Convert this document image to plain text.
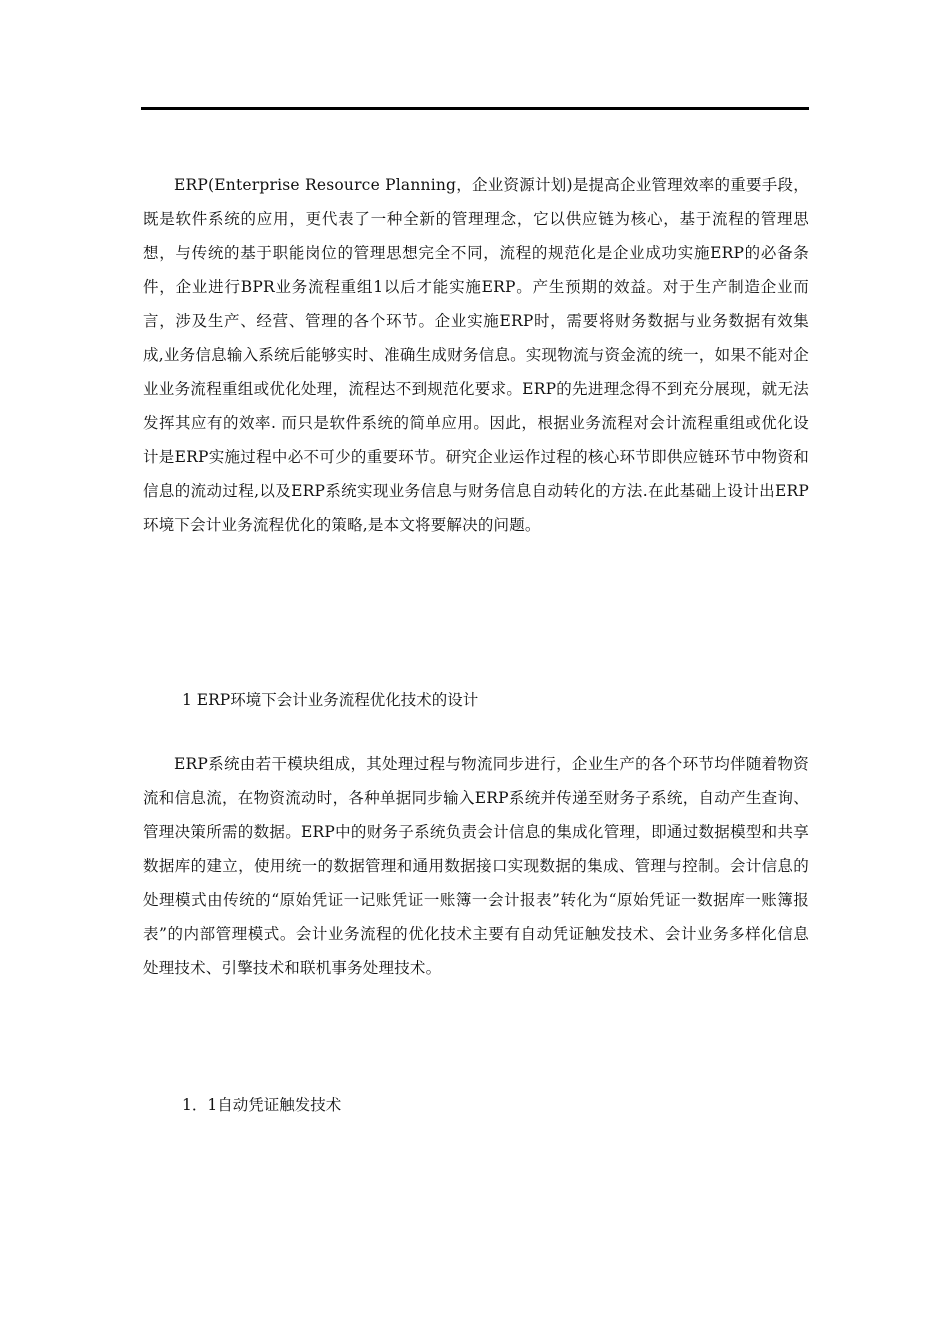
ERP(Enterprise Resource Planning，企业资源计划)是提高企业管理效率的重要手段，既是软件系统的应用，更代表了一种全新的管理理念，它以供应链为核心，基于流程的管理思想，与传统的基于职能岗位的管理思想完全不同，流程的规范化是企业成功实施ERP的必备条件，企业进行BPR业务流程重组1以后才能实施ERP。产生预期的效益。对于生产制造企业而言，涉及生产、经营、管理的各个环节。企业实施ERP时，需要将财务数据与业务数据有效集成,业务信息输入系统后能够实时、准确生成财务信息。实现物流与资金流的统一，如果不能对企业业务流程重组或优化处理，流程达不到规范化要求。ERP的先进理念得不到充分展现，就无法发挥其应有的效率. 而只是软件系统的简单应用。因此，根据业务流程对会计流程重组或优化设计是ERP实施过程中必不可少的重要环节。研究企业运作过程的核心环节即供应链环节中物资和信息的流动过程,以及ERP系统实现业务信息与财务信息自动转化的方法.在此基础上设计出ERP环境下会计业务流程优化的策略,是本文将要解决的问题。

1 ERP环境下会计业务流程优化技术的设计

ERP系统由若干模块组成，其处理过程与物流同步进行，企业生产的各个环节均伴随着物资流和信息流，在物资流动时，各种单据同步输入ERP系统并传递至财务子系统，自动产生查询、管理决策所需的数据。ERP中的财务子系统负责会计信息的集成化管理，即通过数据模型和共享数据库的建立，使用统一的数据管理和通用数据接口实现数据的集成、管理与控制。会计信息的处理模式由传统的“原始凭证一记账凭证一账簿一会计报表”转化为“原始凭证一数据库一账簿报表”的内部管理模式。会计业务流程的优化技术主要有自动凭证触发技术、会计业务多样化信息处理技术、引擎技术和联机事务处理技术。

1．1自动凭证触发技术
